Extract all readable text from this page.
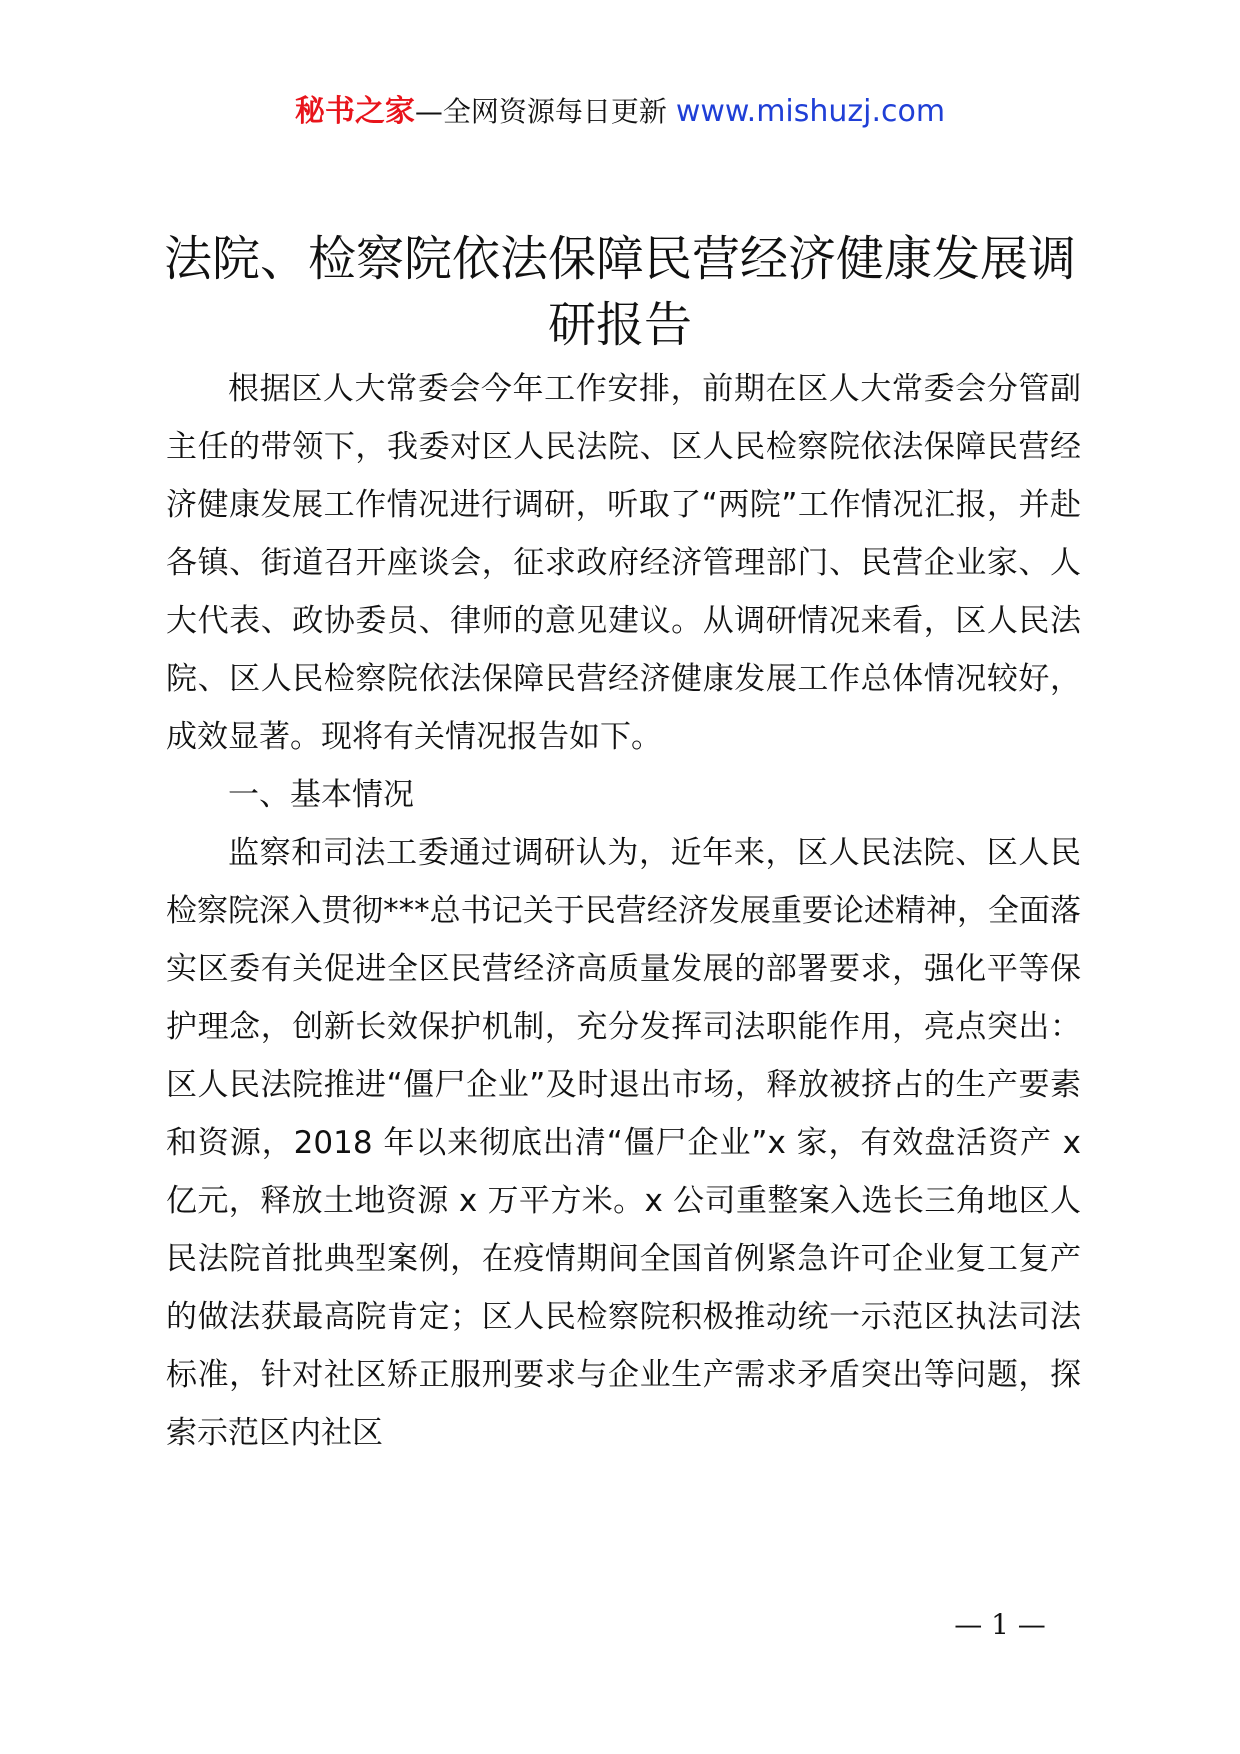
秘书之家—全网资源每日更新 www.mishuzj.com
法院、检察院依法保障民营经济健康发展调研报告

根据区人大常委会今年工作安排，前期在区人大常委会分管副主任的带领下，我委对区人民法院、区人民检察院依法保障民营经济健康发展工作情况进行调研，听取了“两院”工作情况汇报，并赴各镇、街道召开座谈会，征求政府经济管理部门、民营企业家、人大代表、政协委员、律师的意见建议。从调研情况来看，区人民法院、区人民检察院依法保障民营经济健康发展工作总体情况较好，成效显著。现将有关情况报告如下。

一、基本情况

监察和司法工委通过调研认为，近年来，区人民法院、区人民检察院深入贯彻***总书记关于民营经济发展重要论述精神，全面落实区委有关促进全区民营经济高质量发展的部署要求，强化平等保护理念，创新长效保护机制，充分发挥司法职能作用，亮点突出：区人民法院推进“僵尸企业”及时退出市场，释放被挤占的生产要素和资源，2018 年以来彻底出清“僵尸企业”x 家，有效盘活资产 x 亿元，释放土地资源 x 万平方米。x 公司重整案入选长三角地区人民法院首批典型案例，在疫情期间全国首例紧急许可企业复工复产的做法获最高院肯定；区人民检察院积极推动统一示范区执法司法标准，针对社区矫正服刑要求与企业生产需求矛盾突出等问题，探索示范区内社区

— 1 —
